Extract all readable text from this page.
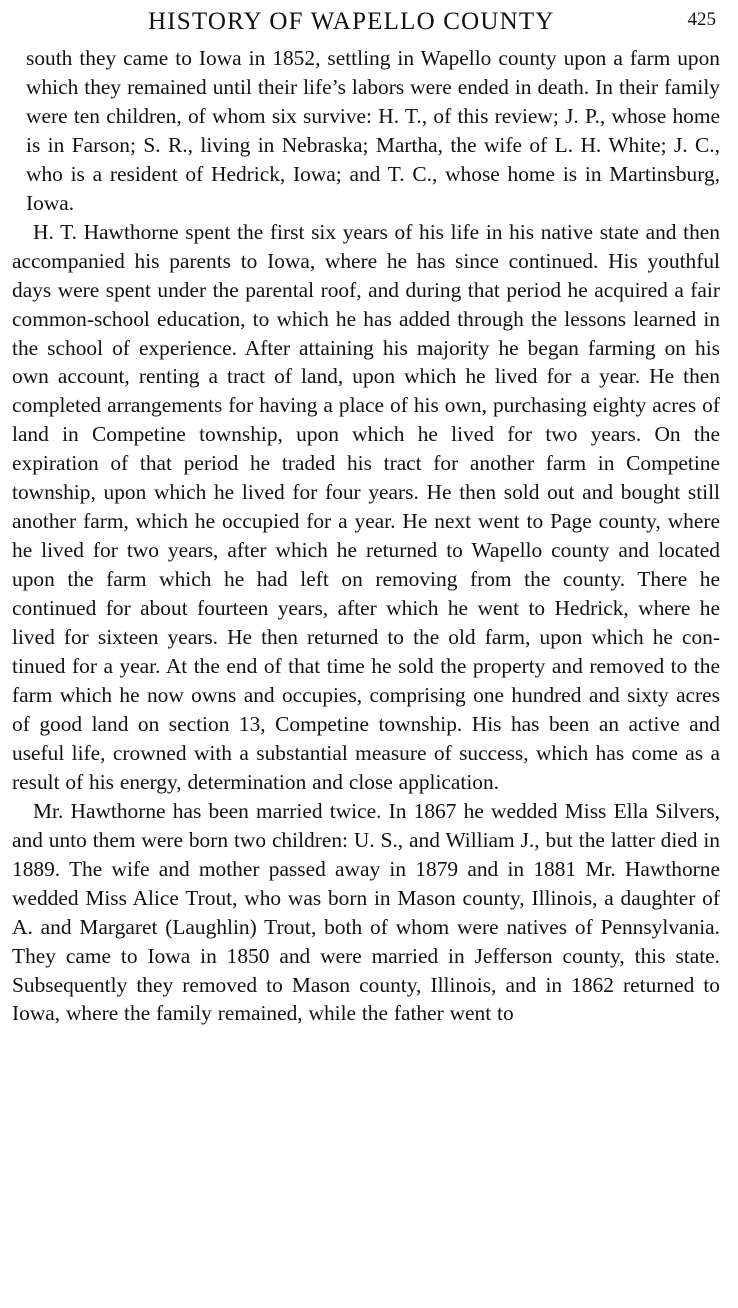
HISTORY OF WAPELLO COUNTY	425

south they came to Iowa in 1852, settling in Wapello county upon a farm upon which they remained until their life’s labors were ended in death. In their family were ten children, of whom six survive: H. T., of this review; J. P., whose home is in Farson; S. R., living in Nebraska; Martha, the wife of L. H. White; J. C., who is a resident of Hedrick, Iowa; and T. C., whose home is in Martinsburg, Iowa.

H. T. Hawthorne spent the first six years of his life in his native state and then accompanied his parents to Iowa, where he has since continued. His youthful days were spent under the parental roof, and during that period he acquired a fair common-school education, to which he has added through the lessons learned in the school of experience. After attaining his majority he began farming on his own account, renting a tract of land, upon which he lived for a year. He then completed arrangements for having a place of his own, purchasing eighty acres of land in Competine township, upon which he lived for two years. On the expiration of that period he traded his tract for another farm in Competine township, upon which he lived for four years. He then sold out and bought still another farm, which he occupied for a year. He next went to Page county, where he lived for two years, after which he returned to Wapello county and located upon the farm which he had left on removing from the county. There he continued for about fourteen years, after which he went to Hedrick, where he lived for sixteen years. He then returned to the old farm, upon which he continued for a year. At the end of that time he sold the property and removed to the farm which he now owns and occupies, comprising one hundred and sixty acres of good land on section 13, Competine township. His has been an active and useful life, crowned with a substantial measure of success, which has come as a result of his energy, determination and close application.

Mr. Hawthorne has been married twice. In 1867 he wedded Miss Ella Silvers, and unto them were born two children: U. S., and William J., but the latter died in 1889. The wife and mother passed away in 1879 and in 1881 Mr. Hawthorne wedded Miss Alice Trout, who was born in Mason county, Illinois, a daughter of A. and Margaret (Laughlin) Trout, both of whom were natives of Pennsylvania. They came to Iowa in 1850 and were married in Jefferson county, this state. Subsequently they removed to Mason county, Illinois, and in 1862 returned to Iowa, where the family remained, while the father went to
